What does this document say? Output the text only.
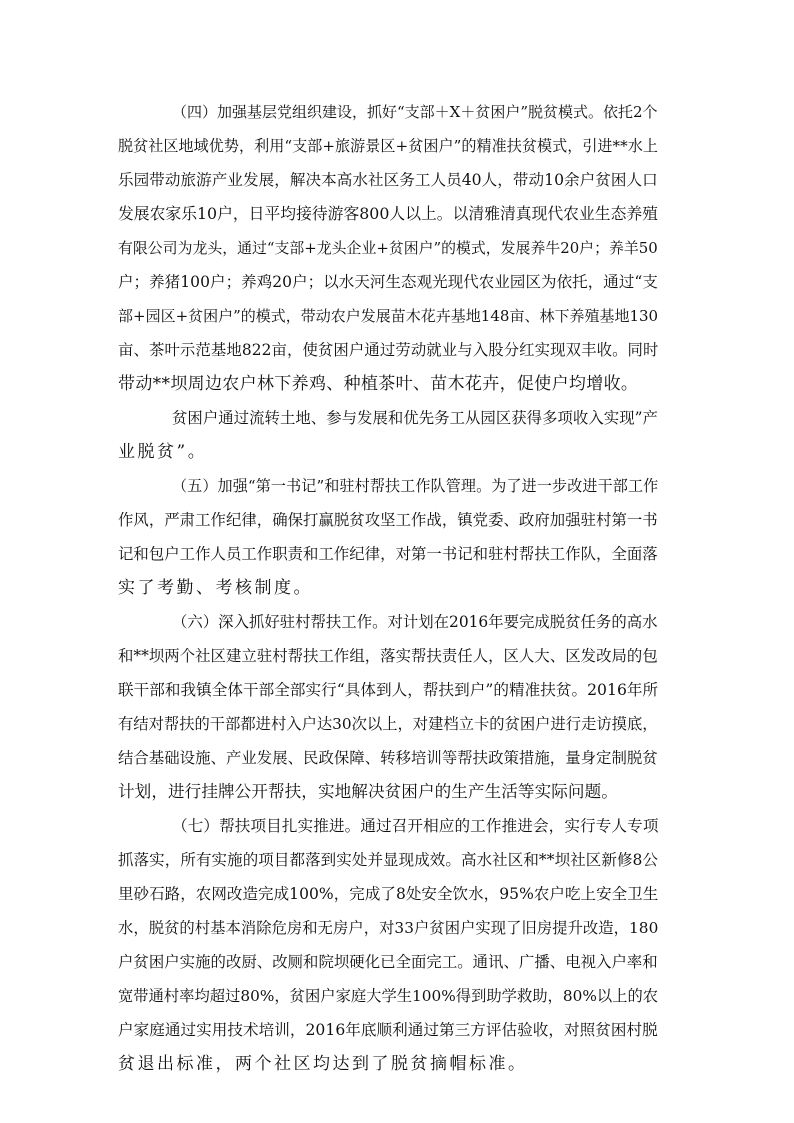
（四）加强基层党组织建设，抓好“支部＋X＋贫困户”脱贫模式。依托2个

脱贫社区地域优势，利用“支部+旅游景区+贫困户”的精准扶贫模式，引进**水上

乐园带动旅游产业发展，解决本高水社区务工人员40人，带动10余户贫困人口

发展农家乐10户，日平均接待游客800人以上。以清雅清真现代农业生态养殖

有限公司为龙头，通过“支部+龙头企业+贫困户”的模式，发展养牛20户；养羊50

户；养猪100户；养鸡20户；以水天河生态观光现代农业园区为依托，通过“支

部+园区+贫困户”的模式，带动农户发展苗木花卉基地148亩、林下养殖基地130

亩、茶叶示范基地822亩，使贫困户通过劳动就业与入股分红实现双丰收。同时

带动**坝周边农户林下养鸡、种植茶叶、苗木花卉，促使户均增收。

贫困户通过流转土地、参与发展和优先务工从园区获得多项收入实现”产

业脱贫”。

（五）加强“第一书记”和驻村帮扶工作队管理。为了进一步改进干部工作

作风，严肃工作纪律，确保打赢脱贫攻坚工作战，镇党委、政府加强驻村第一书

记和包户工作人员工作职责和工作纪律，对第一书记和驻村帮扶工作队，全面落

实了考勤、考核制度。

（六）深入抓好驻村帮扶工作。对计划在2016年要完成脱贫任务的高水

和**坝两个社区建立驻村帮扶工作组，落实帮扶责任人，区人大、区发改局的包

联干部和我镇全体干部全部实行“具体到人，帮扶到户”的精准扶贫。2016年所

有结对帮扶的干部都进村入户达30次以上，对建档立卡的贫困户进行走访摸底，

结合基础设施、产业发展、民政保障、转移培训等帮扶政策措施，量身定制脱贫

计划，进行挂牌公开帮扶，实地解决贫困户的生产生活等实际问题。

（七）帮扶项目扎实推进。通过召开相应的工作推进会，实行专人专项

抓落实，所有实施的项目都落到实处并显现成效。高水社区和**坝社区新修8公

里砂石路，农网改造完成100%，完成了8处安全饮水，95%农户吃上安全卫生

水，脱贫的村基本消除危房和无房户，对33户贫困户实现了旧房提升改造，180

户贫困户实施的改厨、改厕和院坝硬化已全面完工。通讯、广播、电视入户率和

宽带通村率均超过80%，贫困户家庭大学生100%得到助学救助，80%以上的农

户家庭通过实用技术培训，2016年底顺利通过第三方评估验收，对照贫困村脱

贫退出标准，两个社区均达到了脱贫摘帽标准。
